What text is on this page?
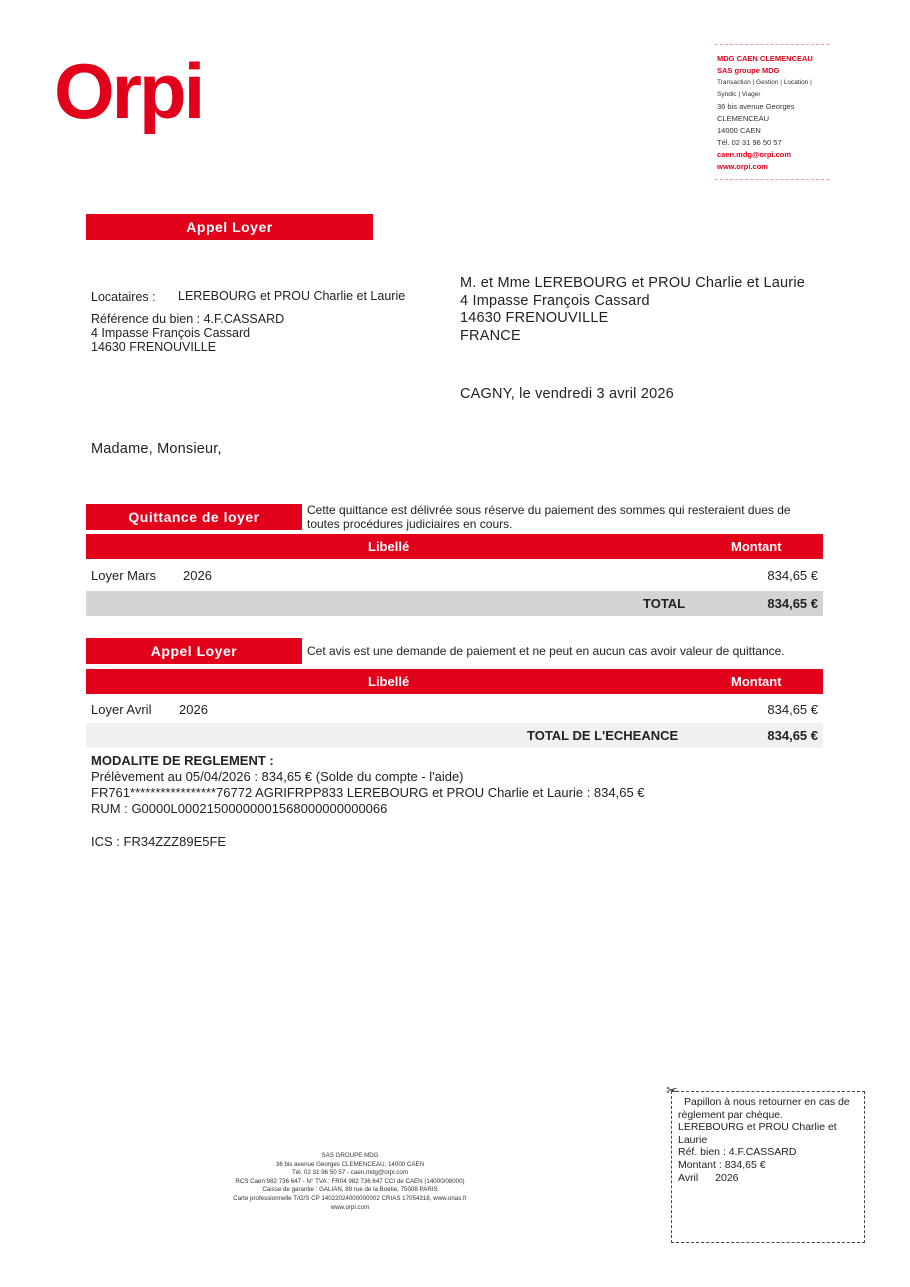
Orpi	MDG CAEN CLEMENCEAU
SAS groupe MDG
Transaction | Gestion | Location | Syndic | Viager
36 bis avenue Georges CLEMENCEAU
14000 CAEN
Tél. 02 31 96 50 57
caen.mdg@orpi.com
www.orpi.com
Appel Loyer
Locataires : LEREBOURG et PROU Charlie et Laurie
Référence du bien : 4.F.CASSARD
4 Impasse François Cassard
14630 FRENOUVILLE
M. et Mme LEREBOURG et PROU Charlie et Laurie
4 Impasse François Cassard
14630 FRENOUVILLE
FRANCE
CAGNY, le vendredi 3 avril 2026
Madame, Monsieur,
Quittance de loyer	Cette quittance est délivrée sous réserve du paiement des sommes qui resteraient dues de toutes procédures judiciaires en cours.
Libellé	Montant
Loyer Mars 2026	834,65 €
TOTAL	834,65 €
Appel Loyer	Cet avis est une demande de paiement et ne peut en aucun cas avoir valeur de quittance.
Libellé	Montant
Loyer Avril 2026	834,65 €
TOTAL DE L'ECHEANCE	834,65 €
MODALITE DE REGLEMENT :
Prélèvement au 05/04/2026 : 834,65 € (Solde du compte - l'aide)
FR761*****************76772 AGRIFRPP833 LEREBOURG et PROU Charlie et Laurie : 834,65 €
RUM : G0000L00021500000001568000000000066
ICS : FR34ZZZ89E5FE
SAS GROUPE MDG
36 bis avenue Georges CLEMENCEAU, 14000 CAEN
Tél. 02 31 96 50 57 - caen.mdg@orpi.com
RCS Caen 982 736 647 - N° TVA : FR04 982 736 647 CCI de CAEN (14000/08000)
Caisse de garantie : GALIAN, 89 rue de la Boétie, 75008 PARIS
Carte professionnelle T/G/S CP 14022024000000002 CRIAS 17054318, www.orias.fr
www.orpi.com
✂
Papillon à nous retourner en cas de règlement par chèque.
LEREBOURG et PROU Charlie et Laurie
Réf. bien : 4.F.CASSARD
Montant : 834,65 €
Avril 2026
